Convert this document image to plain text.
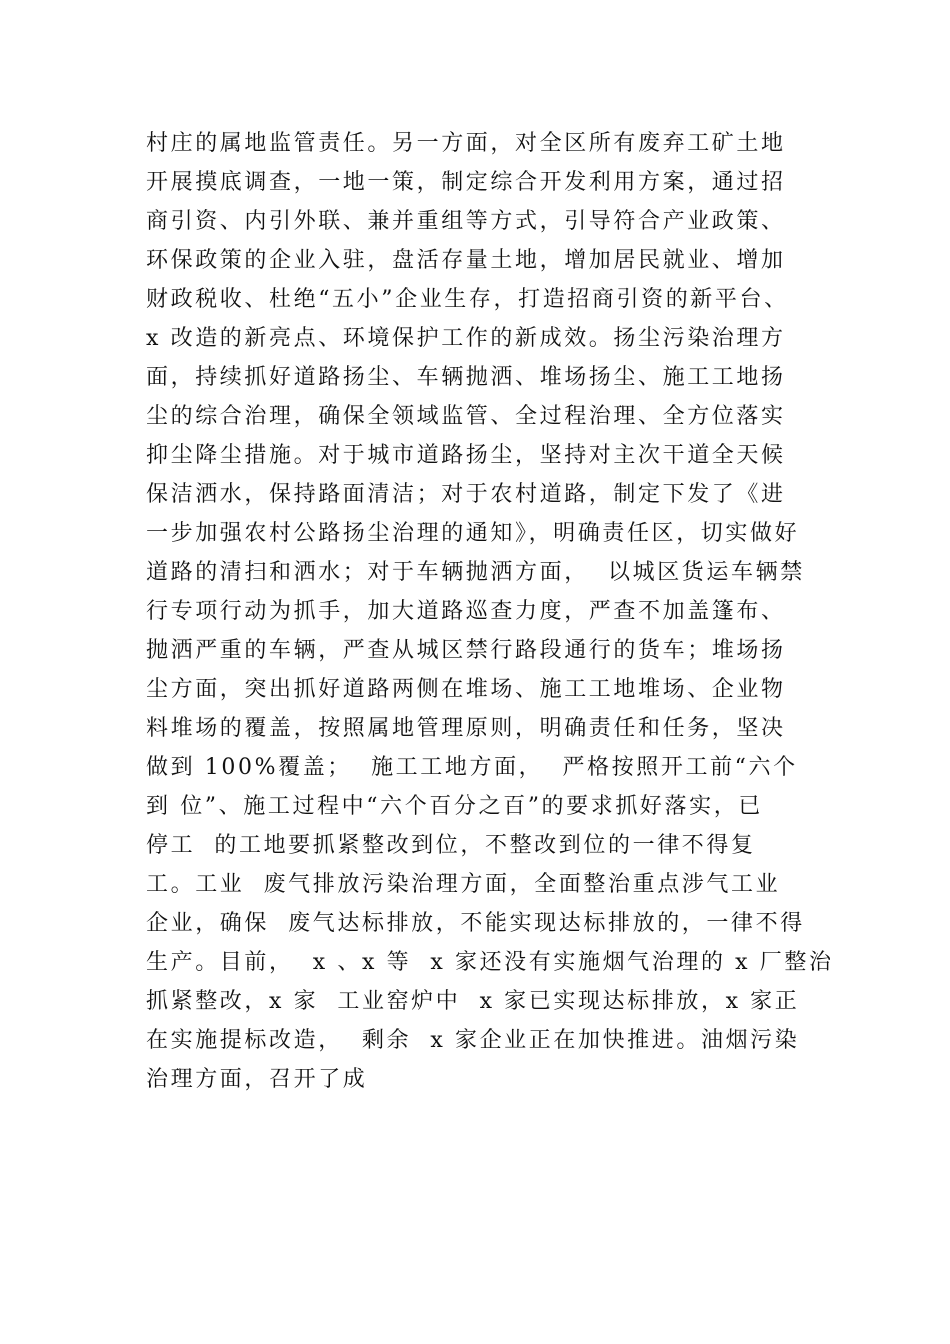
村庄的属地监管责任。另一方面，对全区所有废弃工矿土地
开展摸底调查，一地一策，制定综合开发利用方案，通过招
商引资、内引外联、兼并重组等方式，引导符合产业政策、
环保政策的企业入驻，盘活存量土地，增加居民就业、增加
财政税收、杜绝“五小”企业生存，打造招商引资的新平台、
x 改造的新亮点、环境保护工作的新成效。扬尘污染治理方
面，持续抓好道路扬尘、车辆抛洒、堆场扬尘、施工工地扬
尘的综合治理，确保全领域监管、全过程治理、全方位落实
抑尘降尘措施。对于城市道路扬尘，坚持对主次干道全天候
保洁洒水，保持路面清洁；对于农村道路，制定下发了《进
一步加强农村公路扬尘治理的通知》，明确责任区，切实做好
道路的清扫和洒水；对于车辆抛洒方面，  以城区货运车辆禁
行专项行动为抓手，加大道路巡查力度，严查不加盖篷布、
抛洒严重的车辆，严查从城区禁行路段通行的货车；堆场扬
尘方面，突出抓好道路两侧在堆场、施工工地堆场、企业物
料堆场的覆盖，按照属地管理原则，明确责任和任务，坚决
做到 100%覆盖；  施工工地方面，  严格按照开工前“六个
到 位”、施工过程中“六个百分之百”的要求抓好落实，已
停工  的工地要抓紧整改到位，不整改到位的一律不得复
工。工业  废气排放污染治理方面，全面整治重点涉气工业
企业，确保  废气达标排放，不能实现达标排放的，一律不得
生产。目前，  x 、x 等  x 家还没有实施烟气治理的 x 厂整治
抓紧整改，x 家  工业窑炉中  x 家已实现达标排放，x 家正
在实施提标改造，  剩余  x 家企业正在加快推进。油烟污染
治理方面，召开了成
